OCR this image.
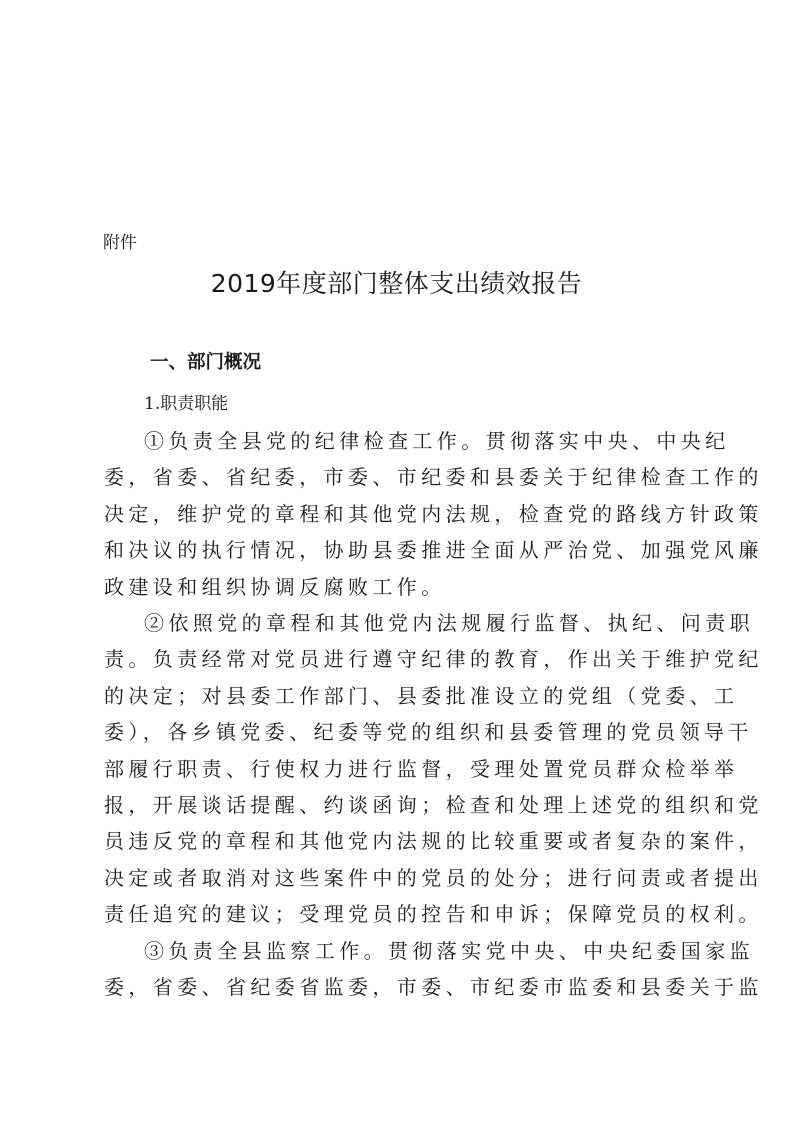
附件
2019年度部门整体支出绩效报告
一、部门概况
1.职责职能
①负责全县党的纪律检查工作。贯彻落实中央、中央纪
委，省委、省纪委，市委、市纪委和县委关于纪律检查工作的
决定，维护党的章程和其他党内法规，检查党的路线方针政策
和决议的执行情况，协助县委推进全面从严治党、加强党风廉
政建设和组织协调反腐败工作。
②依照党的章程和其他党内法规履行监督、执纪、问责职
责。负责经常对党员进行遵守纪律的教育，作出关于维护党纪
的决定；对县委工作部门、县委批准设立的党组（党委、工
委），各乡镇党委、纪委等党的组织和县委管理的党员领导干
部履行职责、行使权力进行监督，受理处置党员群众检举举
报，开展谈话提醒、约谈函询；检查和处理上述党的组织和党
员违反党的章程和其他党内法规的比较重要或者复杂的案件，
决定或者取消对这些案件中的党员的处分；进行问责或者提出
责任追究的建议；受理党员的控告和申诉；保障党员的权利。
③负责全县监察工作。贯彻落实党中央、中央纪委国家监
委，省委、省纪委省监委，市委、市纪委市监委和县委关于监
